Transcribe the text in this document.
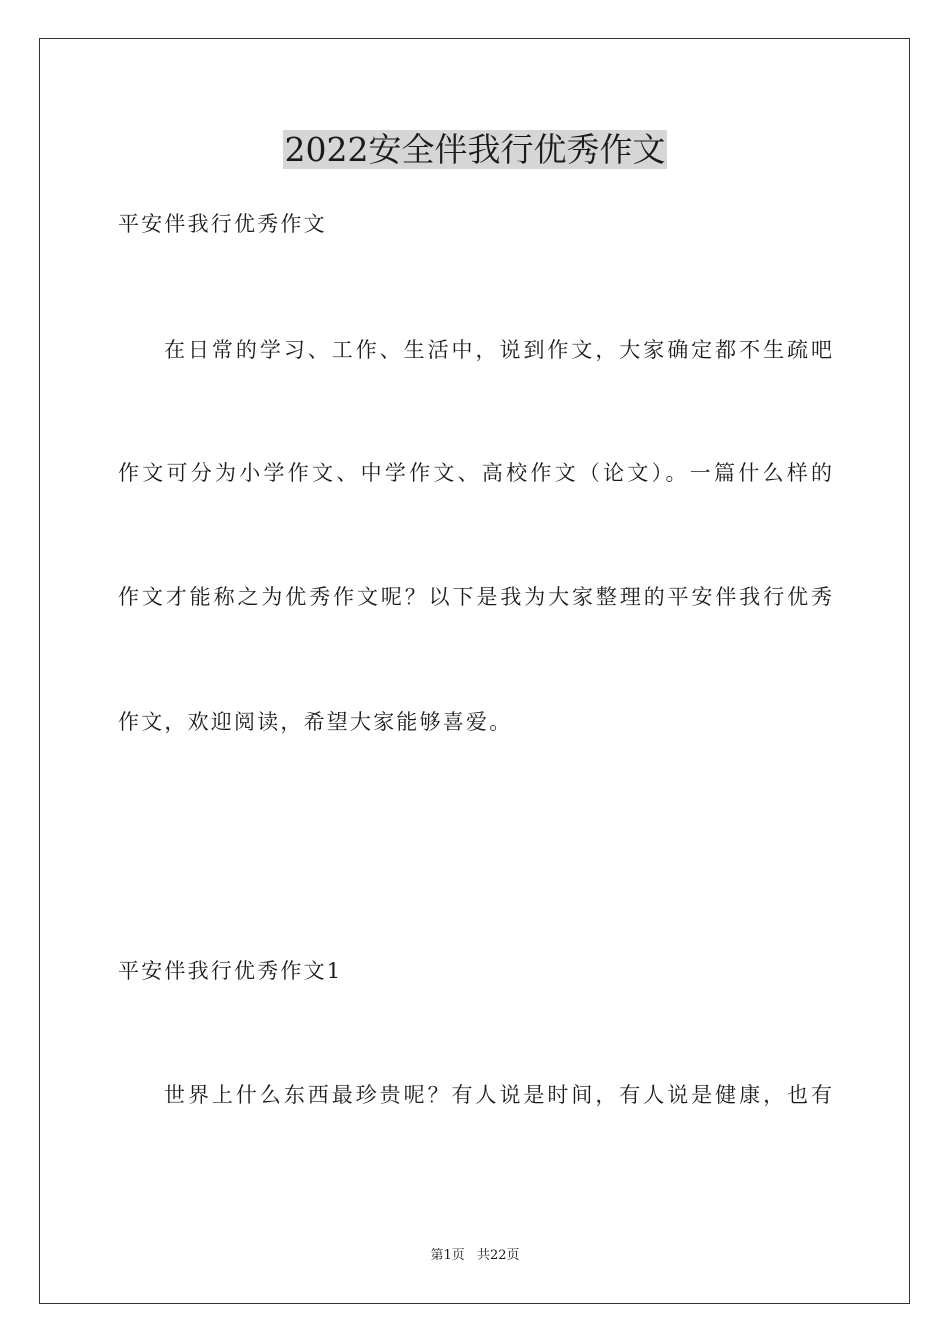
2022安全伴我行优秀作文

平安伴我行优秀作文

在日常的学习、工作、生活中，说到作文，大家确定都不生疏吧

作文可分为小学作文、中学作文、高校作文（论文）。一篇什么样的

作文才能称之为优秀作文呢？以下是我为大家整理的平安伴我行优秀

作文，欢迎阅读，希望大家能够喜爱。

平安伴我行优秀作文1

世界上什么东西最珍贵呢？有人说是时间，有人说是健康，也有

第1页 共22页
